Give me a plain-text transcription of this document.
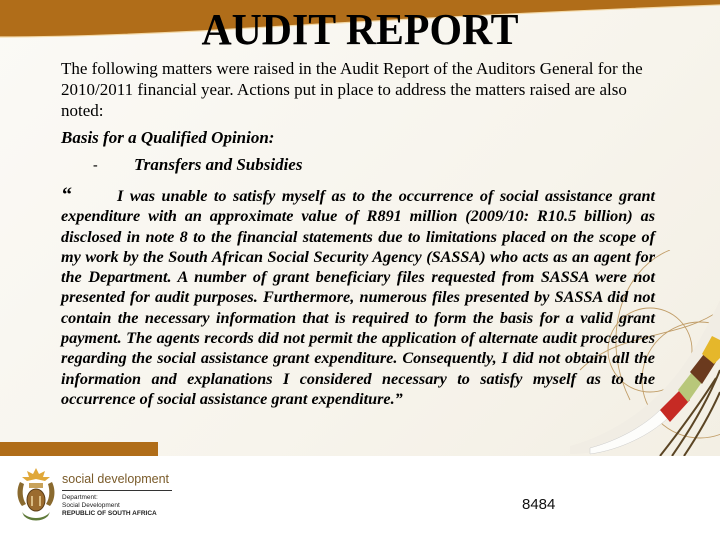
AUDIT REPORT
The following matters were raised in the Audit Report of the Auditors General for the 2010/2011 financial year. Actions put in place to address the matters raised are also noted:
Basis for a Qualified Opinion:
- Transfers and Subsidies
“	I was unable to satisfy myself as to the occurrence of social assistance grant expenditure with an approximate value of R891 million (2009/10: R10.5 billion) as disclosed in note 8 to the financial statements due to limitations placed on the scope of my work by the South African Social Security Agency (SASSA) who acts as an agent for the Department. A number of grant beneficiary files requested from SASSA were not presented for audit purposes. Furthermore, numerous files presented by SASSA did not contain the necessary information that is required to form the basis for a valid grant payment. The agents records did not permit the application of alternate audit procedures regarding the social assistance grant expenditure. Consequently, I did not obtain all the information and explanations I considered necessary to satisfy myself as to the occurrence of social assistance grant expenditure.”
social development
Department:
Social Development
REPUBLIC OF SOUTH AFRICA
8484
